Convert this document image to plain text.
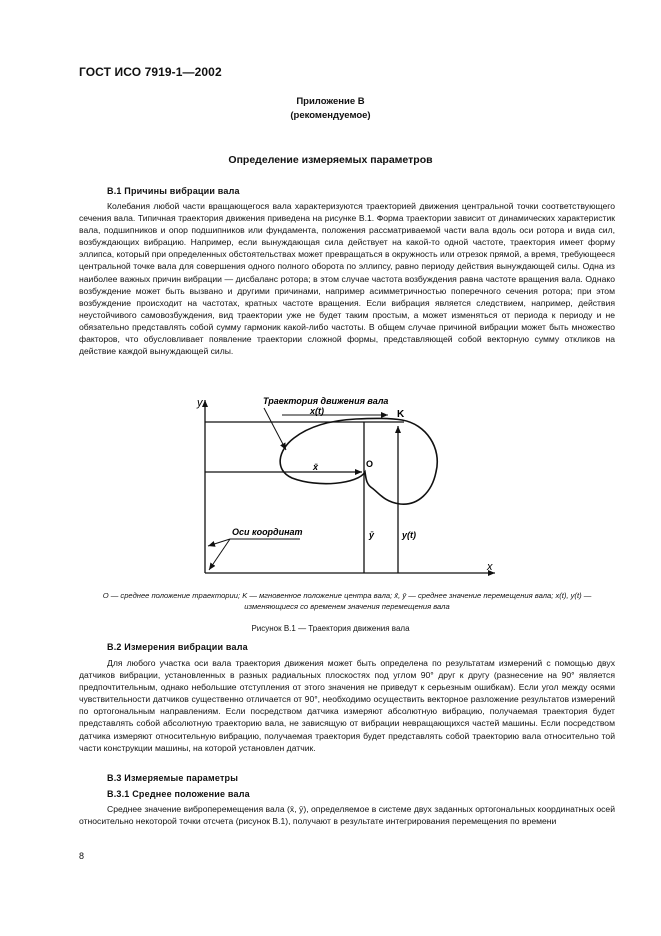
ГОСТ ИСО 7919-1—2002
Приложение В
(рекомендуемое)
Определение измеряемых параметров
В.1 Причины вибрации вала

Колебания любой части вращающегося вала характеризуются траекторией движения центральной точки соответствующего сечения вала. Типичная траектория движения приведена на рисунке В.1. Форма траектории зависит от динамических характеристик вала, подшипников и опор подшипников или фундамента, положения рассматриваемой части вала вдоль оси ротора и вида сил, возбуждающих вибрацию. Например, если вынуждающая сила действует на какой-то одной частоте, траектория имеет форму эллипса, который при определенных обстоятельствах может превращаться в окружность или отрезок прямой, а время, требующееся центральной точке вала для совершения одного полного оборота по эллипсу, равно периоду действия вынуждающей силы. Одна из наиболее важных причин вибрации — дисбаланс ротора; в этом случае частота возбуждения равна частоте вращения вала. Однако возбуждение может быть вызвано и другими причинами, например асимметричностью поперечного сечения ротора; при этом возбуждение происходит на частотах, кратных частоте вращения. Если вибрация является следствием, например, действия неустойчивого самовозбуждения, вид траектории уже не будет таким простым, а может изменяться от периода к периоду и не обязательно представлять собой сумму гармоник какой-либо частоты. В общем случае причиной вибрации может быть множество факторов, что обусловливает появление траектории сложной формы, представляющей собой векторную сумму откликов на действие каждой вынуждающей силы.

y
x
Траектория движения вала
x(t)
x̄	O
K
ȳ	y(t)
Оси координат
O — среднее положение траектории; K — мгновенное положение центра вала; x̄, ȳ — среднее значение перемещения вала; x(t), y(t) — изменяющиеся со временем значения перемещения вала
Рисунок В.1 — Траектория движения вала
В.2 Измерения вибрации вала

Для любого участка оси вала траектория движения может быть определена по результатам измерений с помощью двух датчиков вибрации, установленных в разных радиальных плоскостях под углом 90° друг к другу (разнесение на 90° является предпочтительным, однако небольшие отступления от этого значения не приведут к серьезным ошибкам). Если угол между осями чувствительности датчиков существенно отличается от 90°, необходимо осуществить векторное разложение результатов измерений по ортогональным направлениям. Если посредством датчика измеряют абсолютную вибрацию, получаемая траектория будет представлять собой абсолютную траекторию вала, не зависящую от вибрации невращающихся частей машины. Если посредством датчика измеряют относительную вибрацию, получаемая траектория будет представлять собой траекторию вала относительно той части конструкции машины, на которой установлен датчик.

В.3 Измеряемые параметры
В.3.1 Среднее положение вала

Среднее значение виброперемещения вала (x̄, ȳ), определяемое в системе двух заданных ортогональных координатных осей относительно некоторой точки отсчета (рисунок В.1), получают в результате интегрирования перемещения по времени

8
